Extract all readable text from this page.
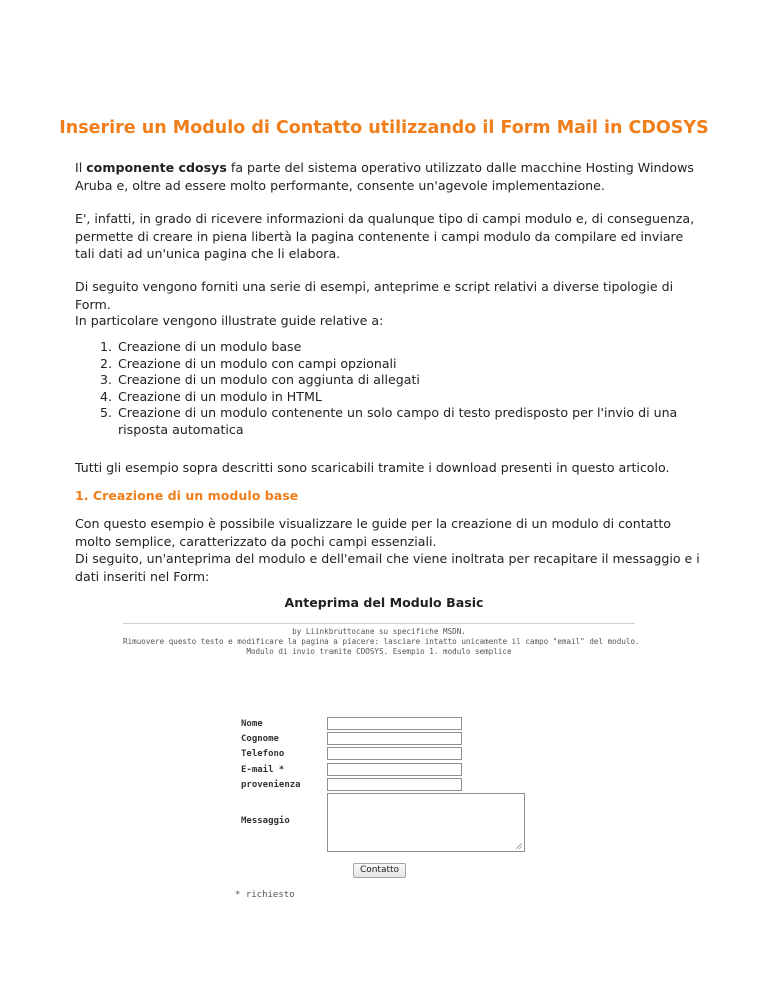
Inserire un Modulo di Contatto utilizzando il Form Mail in CDOSYS

Il componente cdosys fa parte del sistema operativo utilizzato dalle macchine Hosting Windows Aruba e, oltre ad essere molto performante, consente un'agevole implementazione.

E', infatti, in grado di ricevere informazioni da qualunque tipo di campi modulo e, di conseguenza, permette di creare in piena libertà la pagina contenente i campi modulo da compilare ed inviare tali dati ad un'unica pagina che li elabora.

Di seguito vengono forniti una serie di esempi, anteprime e script relativi a diverse tipologie di Form.

In particolare vengono illustrate guide relative a:

1. Creazione di un modulo base
2. Creazione di un modulo con campi opzionali
3. Creazione di un modulo con aggiunta di allegati
4. Creazione di un modulo in HTML
5. Creazione di un modulo contenente un solo campo di testo predisposto per l'invio di una risposta automatica

Tutti gli esempio sopra descritti sono scaricabili tramite i download presenti in questo articolo.

1. Creazione di un modulo base
Con questo esempio è possibile visualizzare le guide per la creazione di un modulo di contatto molto semplice, caratterizzato da pochi campi essenziali.
Di seguito, un'anteprima del modulo e dell'email che viene inoltrata per recapitare il messaggio e i dati inseriti nel Form:
Anteprima del Modulo Basic
by Liinkbruttocane su specifiche MSDN.
Rimuovere questo testo e modificare la pagina a piacere: lasciare intatto unicamente il campo "email" del modulo.
Modulo di invio tramite CDOSYS. Esempio 1. modulo semplice
Nome
Cognome
Telefono
E-mail *
provenienza
Messaggio
Contatto
* richiesto
